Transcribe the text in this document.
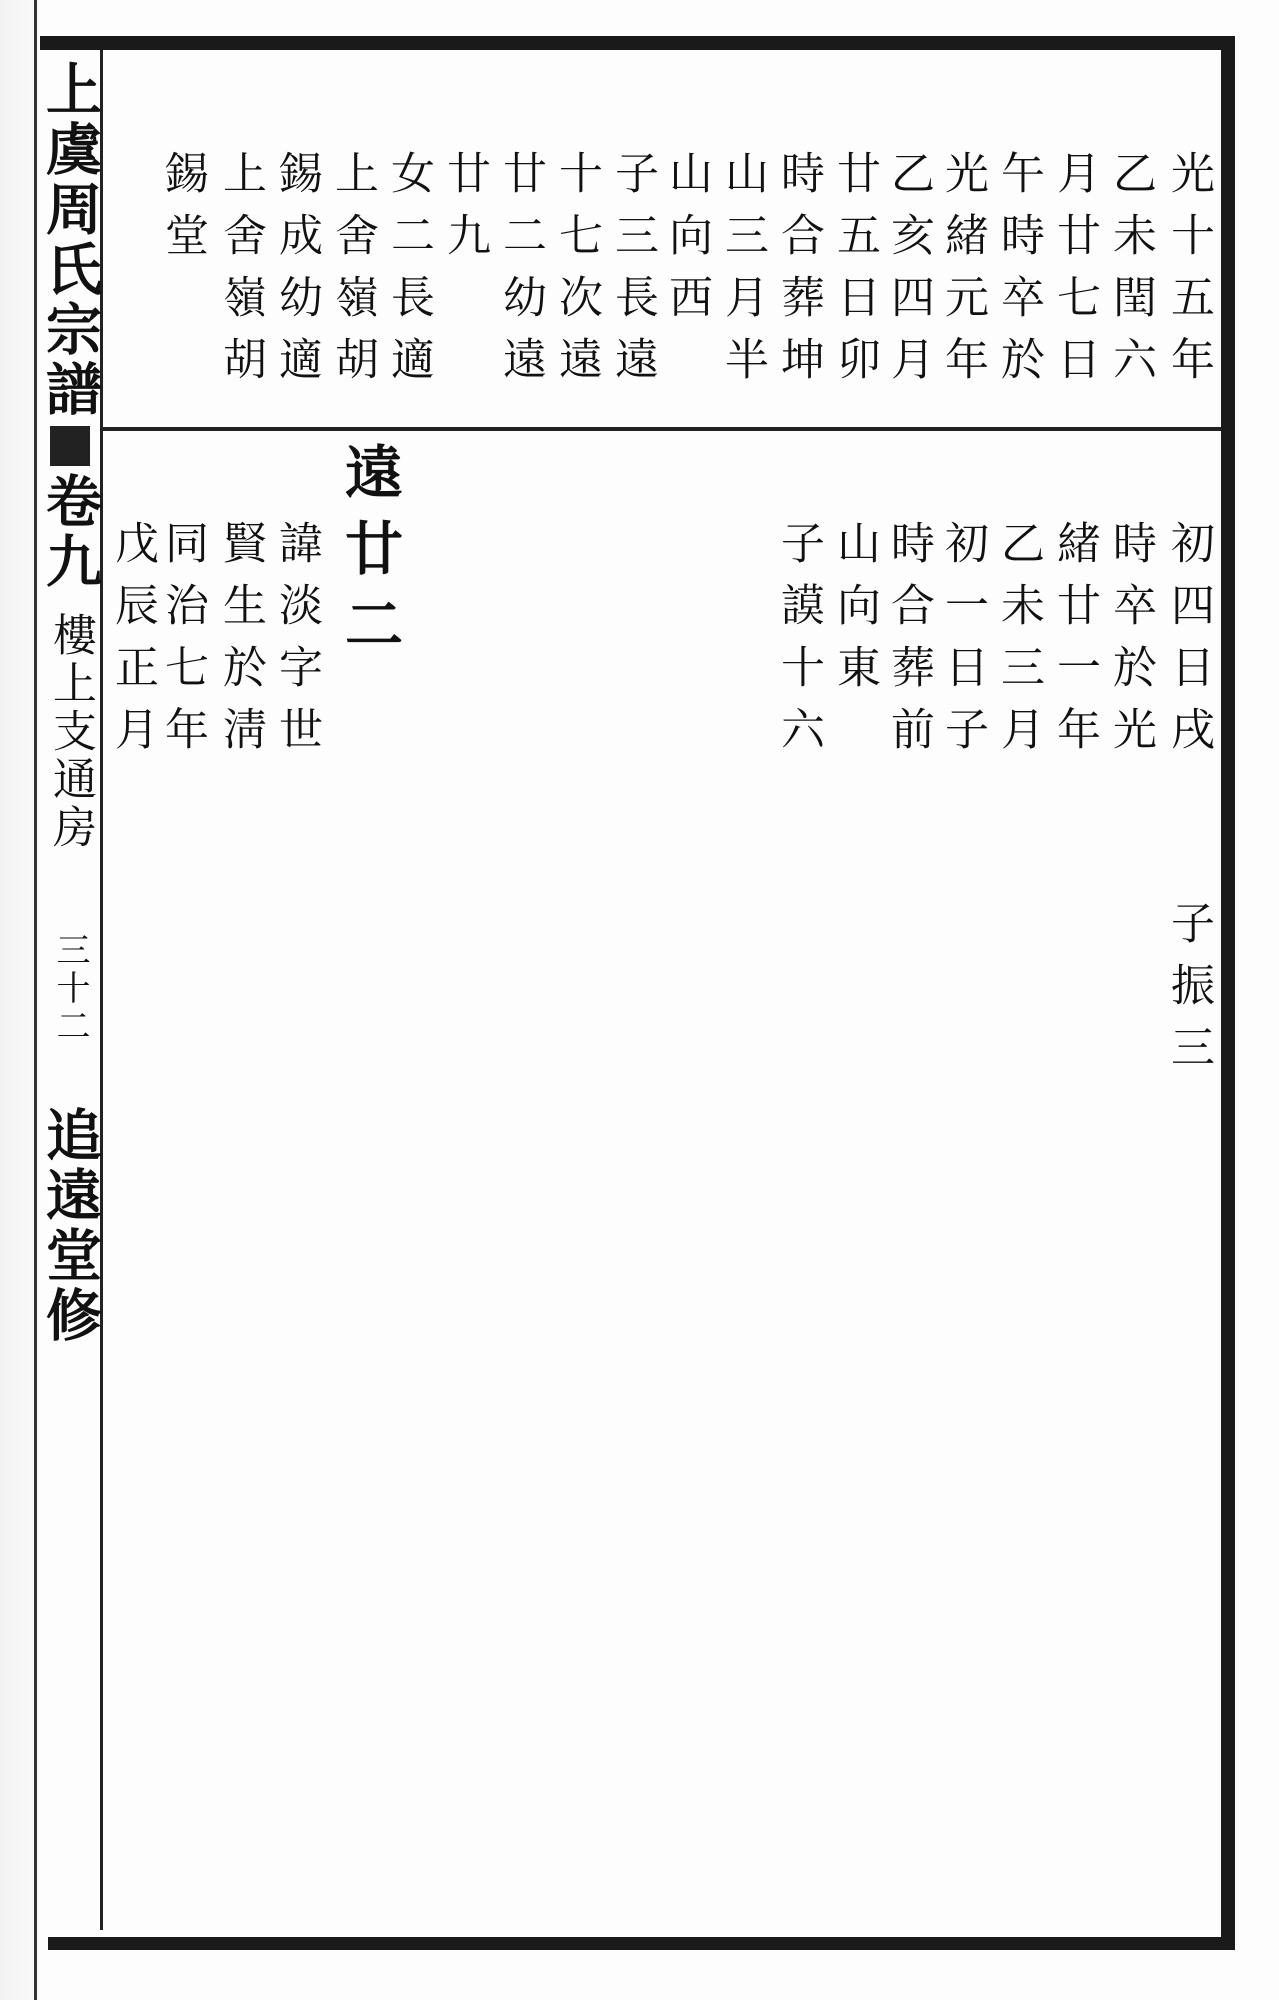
上虞周氏宗譜卷九樓上支通房三十二追遠堂修
光十五年
乙未閏六
月廿七日
午時卒於
光緒元年
乙亥四月
廿五日卯
時合葬坤
山三月半
山向西
子三長遠
十七次遠
廿二幼遠
廿九
女二長適
上舍嶺胡
錫成幼適
上舍嶺胡
錫堂
初四日戌
時卒於光
緒廿一年
乙未三月
初一日子
時合葬前
山向東
子謨十六
子振三
遠廿二
諱淡字世
賢生於淸
同治七年
戊辰正月
